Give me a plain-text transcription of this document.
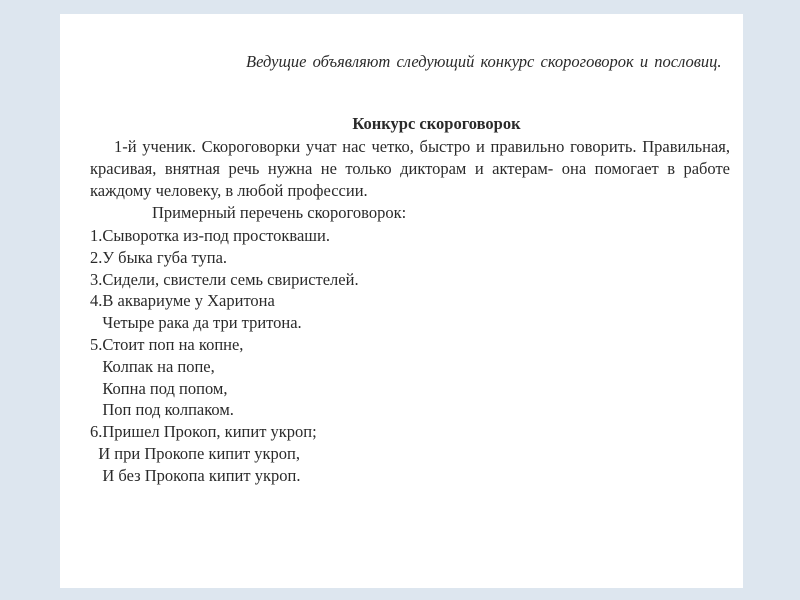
Ведущие объявляют следующий конкурс скороговорок и пословиц.
Конкурс скороговорок
1-й ученик. Скороговорки учат нас четко, быстро и правильно говорить. Правильная, красивая, внятная речь нужна не только дикторам и актерам- она помогает в работе каждому человеку, в любой профессии.
Примерный перечень скороговорок:
1.Сыворотка из-под простокваши.
2.У быка губа тупа.
3.Сидели, свистели семь свиристелей.
4.В аквариуме у Харитона
Четыре рака да три тритона.
5.Стоит поп на копне,
Колпак на попе,
Копна под попом,
Поп под колпаком.
6.Пришел Прокоп, кипит укроп;
И при Прокопе кипит укроп,
И без Прокопа кипит укроп.
